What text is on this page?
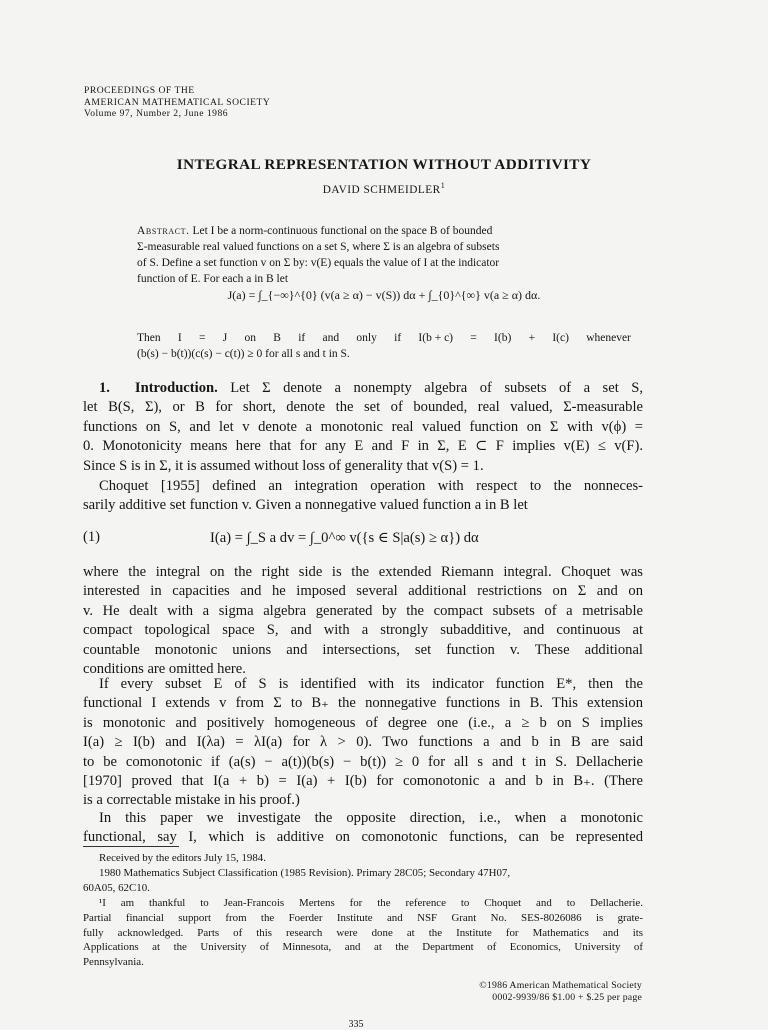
PROCEEDINGS OF THE
AMERICAN MATHEMATICAL SOCIETY
Volume 97, Number 2, June 1986
INTEGRAL REPRESENTATION WITHOUT ADDITIVITY
DAVID SCHMEIDLER$^1$
Abstract. Let I be a norm-continuous functional on the space B of bounded
Σ-measurable real valued functions on a set S, where Σ is an algebra of subsets
of S. Define a set function v on Σ by: v(E) equals the value of I at the indicator
function of E. For each a in B let
J(a) = ∫_{−∞}^{0} (v(a ≥ α) − v(S)) dα + ∫_{0}^{∞} v(a ≥ α) dα.
Then I = J on B if and only if I(b + c) = I(b) + I(c) whenever
(b(s) − b(t))(c(s) − c(t)) ≥ 0 for all s and t in S.
1. Introduction. Let Σ denote a nonempty algebra of subsets of a set S,
let B(S, Σ), or B for short, denote the set of bounded, real valued, Σ-measurable
functions on S, and let v denote a monotonic real valued function on Σ with v(ϕ) =
0. Monotonicity means here that for any E and F in Σ, E ⊂ F implies v(E) ≤ v(F).
Since S is in Σ, it is assumed without loss of generality that v(S) = 1.
Choquet [1955] defined an integration operation with respect to the nonneces-
sarily additive set function v. Given a nonnegative valued function a in B let
(1)	I(a) = ∫_S a dv = ∫_0^∞ v({s ∈ S|a(s) ≥ α}) dα
where the integral on the right side is the extended Riemann integral. Choquet was
interested in capacities and he imposed several additional restrictions on Σ and on
v. He dealt with a sigma algebra generated by the compact subsets of a metrisable
compact topological space S, and with a strongly subadditive, and continuous at
countable monotonic unions and intersections, set function v. These additional
conditions are omitted here.
If every subset E of S is identified with its indicator function E*, then the
functional I extends v from Σ to B₊ the nonnegative functions in B. This extension
is monotonic and positively homogeneous of degree one (i.e., a ≥ b on S implies
I(a) ≥ I(b) and I(λa) = λI(a) for λ > 0). Two functions a and b in B are said
to be comonotonic if (a(s) − a(t))(b(s) − b(t)) ≥ 0 for all s and t in S. Dellacherie
[1970] proved that I(a + b) = I(a) + I(b) for comonotonic a and b in B₊. (There
is a correctable mistake in his proof.)
In this paper we investigate the opposite direction, i.e., when a monotonic
functional, say I, which is additive on comonotonic functions, can be represented
Received by the editors July 15, 1984.
1980 Mathematics Subject Classification (1985 Revision). Primary 28C05; Secondary 47H07,
60A05, 62C10.
¹I am thankful to Jean-Francois Mertens for the reference to Choquet and to Dellacherie.
Partial financial support from the Foerder Institute and NSF Grant No. SES-8026086 is grate-
fully acknowledged. Parts of this research were done at the Institute for Mathematics and its
Applications at the University of Minnesota, and at the Department of Economics, University of
Pennsylvania.
©1986 American Mathematical Society
0002-9939/86 $1.00 + $.25 per page
335
